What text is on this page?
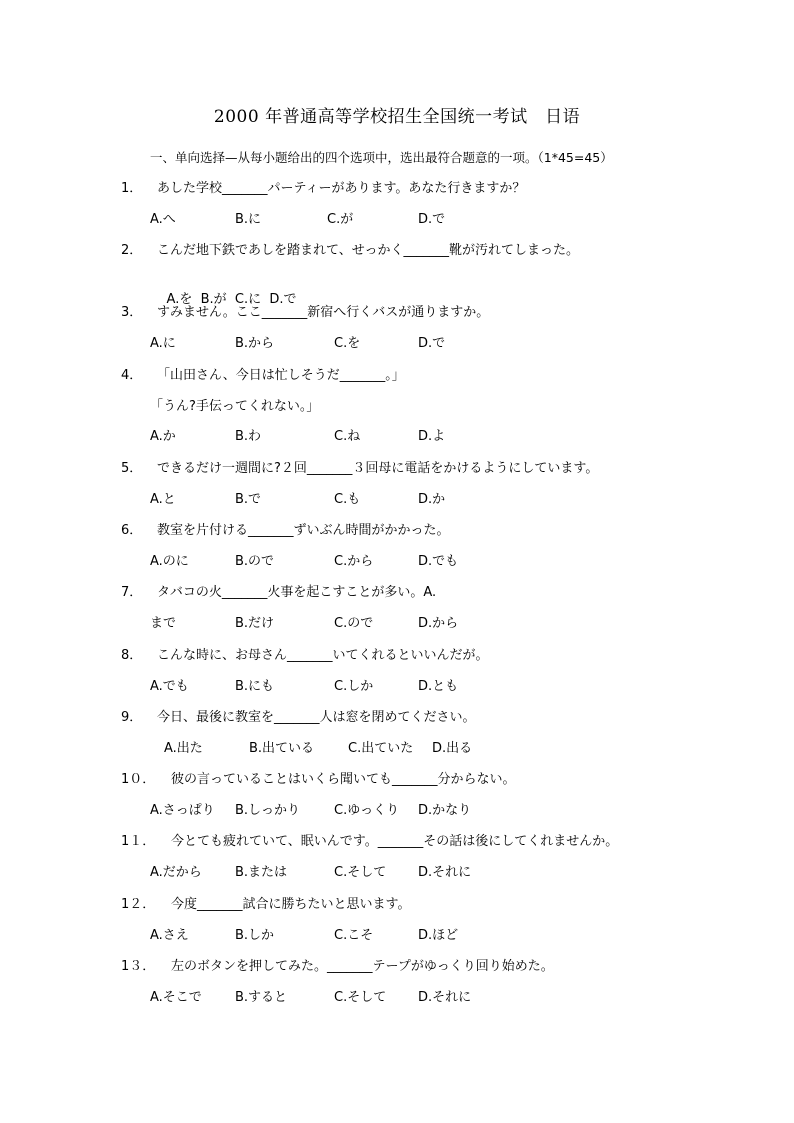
2000 年普通高等学校招生全国统一考试　日语
一、单向选择—从每小题给出的四个选项中，选出最符合题意的一项。（1*45=45）
1． あした学校_______パーティーがあります。あなた行きますか？
A.へ	B.に	C.が	D.で
2． こんだ地下鉄であしを踏まれて、せっかく_______靴が汚れてしまった。

A.を  B.が  C.に  D.で

3． すみません。ここ_______新宿へ行くバスが通りますか。
A.に	B.から	C.を	D.で
4． 「山田さん、今日は忙しそうだ_______。」
「うん?手伝ってくれない。」
A.か	B.わ	C.ね	D.よ
5． できるだけ一週間に?２回_______３回母に電話をかけるようにしています。
A.と	B.で	C.も	D.か
6． 教室を片付ける_______ずいぶん時間がかかった。
A.のに	B.ので	C.から	D.でも
7． タバコの火_______火事を起こすことが多い。A.
まで	B.だけ	C.ので	D.から
8． こんな時に、お母さん_______いてくれるといいんだが。
A.でも	B.にも	C.しか	D.とも
9． 今日、最後に教室を_______人は窓を閉めてください。
A.出た	B.出ている	C.出ていた D.出る
1０． 彼の言っていることはいくら聞いても_______分からない。
A.さっぱり B.しっかり	C.ゆっくり D.かなり
1１． 今とても疲れていて、眠いんです。_______その話は後にしてくれませんか。
A.だから	B.または	C.そして D.それに
1２． 今度_______試合に勝ちたいと思います。
A.さえ	B.しか	C.こそ	D.ほど
1３． 左のボタンを押してみた。_______テープがゆっくり回り始めた。
A.そこで	B.すると	C.そして D.それに
